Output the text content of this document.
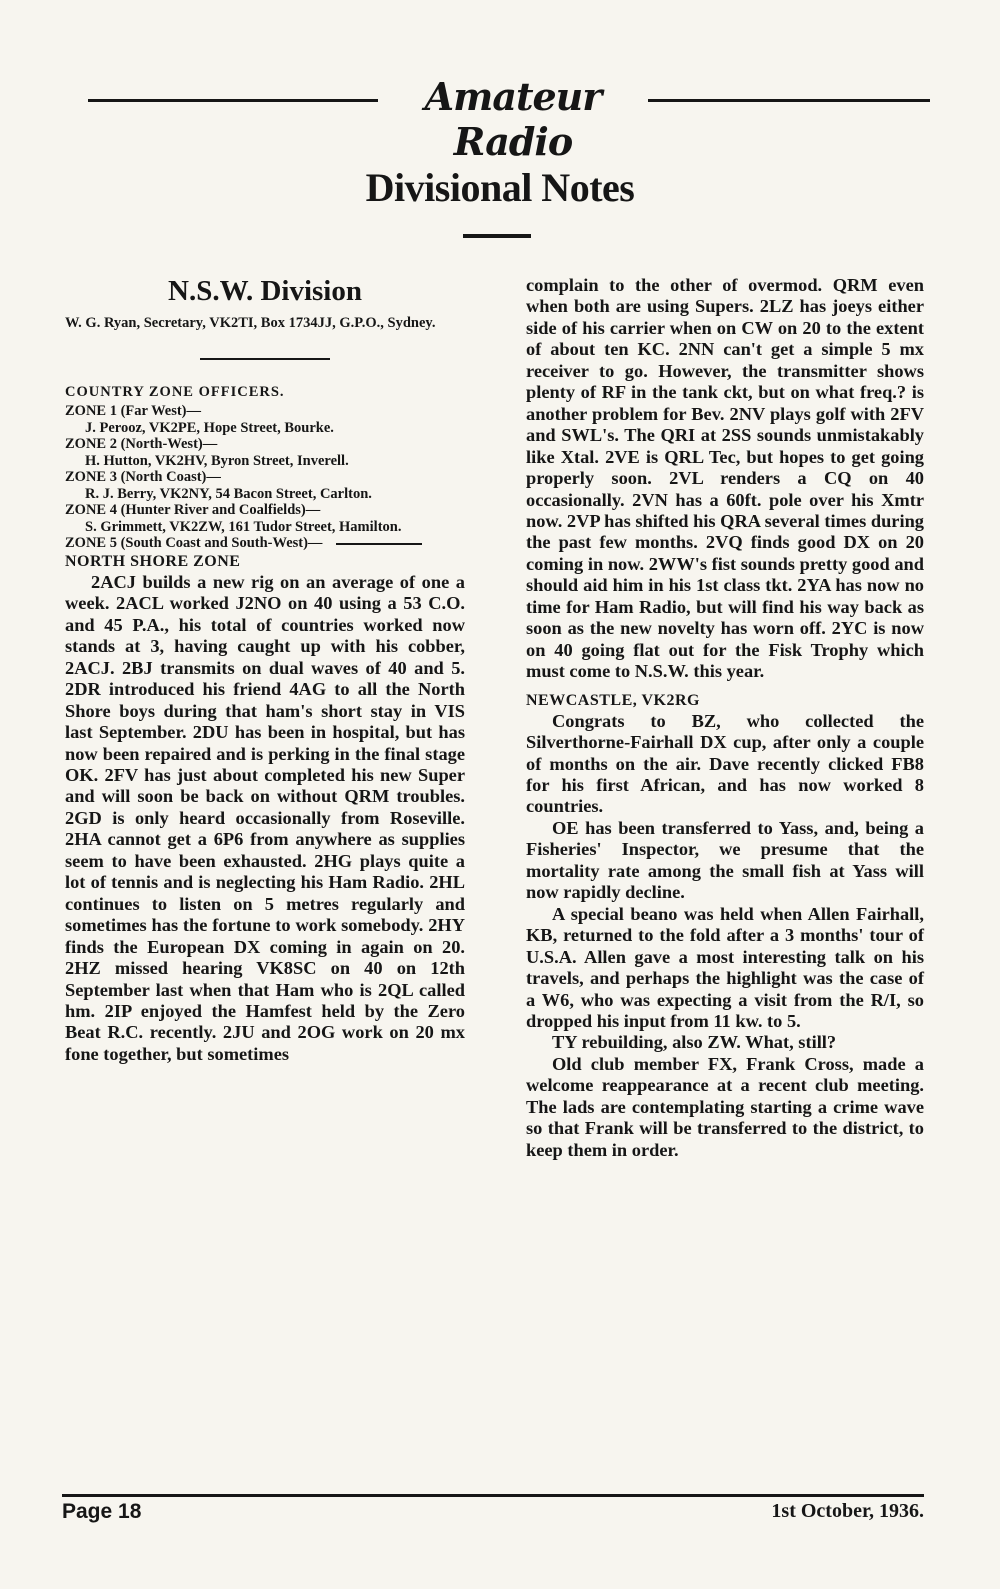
Amateur Radio
Divisional Notes
N.S.W. Division

W. G. Ryan, Secretary, VK2TI, Box 1734JJ, G.P.O., Sydney.

COUNTRY ZONE OFFICERS.

ZONE 1 (Far West)—
J. Perooz, VK2PE, Hope Street, Bourke.

ZONE 2 (North-West)—
H. Hutton, VK2HV, Byron Street, Inverell.

ZONE 3 (North Coast)—
R. J. Berry, VK2NY, 54 Bacon Street, Carlton.

ZONE 4 (Hunter River and Coalfields)—
S. Grimmett, VK2ZW, 161 Tudor Street, Hamilton.

ZONE 5 (South Coast and South-West)—

NORTH SHORE ZONE

2ACJ builds a new rig on an average of one a week. 2ACL worked J2NO on 40 using a 53 C.O. and 45 P.A., his total of countries worked now stands at 3, having caught up with his cobber, 2ACJ. 2BJ transmits on dual waves of 40 and 5. 2DR introduced his friend 4AG to all the North Shore boys during that ham's short stay in VIS last September. 2DU has been in hospital, but has now been repaired and is perking in the final stage OK. 2FV has just about completed his new Super and will soon be back on without QRM troubles. 2GD is only heard occasionally from Roseville. 2HA cannot get a 6P6 from anywhere as supplies seem to have been exhausted. 2HG plays quite a lot of tennis and is neglecting his Ham Radio. 2HL continues to listen on 5 metres regularly and sometimes has the fortune to work somebody. 2HY finds the European DX coming in again on 20. 2HZ missed hearing VK8SC on 40 on 12th September last when that Ham who is 2QL called hm. 2IP enjoyed the Hamfest held by the Zero Beat R.C. recently. 2JU and 2OG work on 20 mx fone together, but sometimes

complain to the other of overmod. QRM even when both are using Supers. 2LZ has joeys either side of his carrier when on CW on 20 to the extent of about ten KC. 2NN can't get a simple 5 mx receiver to go. However, the transmitter shows plenty of RF in the tank ckt, but on what freq.? is another problem for Bev. 2NV plays golf with 2FV and SWL's. The QRI at 2SS sounds unmistakably like Xtal. 2VE is QRL Tec, but hopes to get going properly soon. 2VL renders a CQ on 40 occasionally. 2VN has a 60ft. pole over his Xmtr now. 2VP has shifted his QRA several times during the past few months. 2VQ finds good DX on 20 coming in now. 2WW's fist sounds pretty good and should aid him in his 1st class tkt. 2YA has now no time for Ham Radio, but will find his way back as soon as the new novelty has worn off. 2YC is now on 40 going flat out for the Fisk Trophy which must come to N.S.W. this year.

NEWCASTLE, VK2RG

Congrats to BZ, who collected the Silverthorne-Fairhall DX cup, after only a couple of months on the air. Dave recently clicked FB8 for his first African, and has now worked 8 countries.

OE has been transferred to Yass, and, being a Fisheries' Inspector, we presume that the mortality rate among the small fish at Yass will now rapidly decline.

A special beano was held when Allen Fairhall, KB, returned to the fold after a 3 months' tour of U.S.A. Allen gave a most interesting talk on his travels, and perhaps the highlight was the case of a W6, who was expecting a visit from the R/I, so dropped his input from 11 kw. to 5.

TY rebuilding, also ZW. What, still?

Old club member FX, Frank Cross, made a welcome reappearance at a recent club meeting. The lads are contemplating starting a crime wave so that Frank will be transferred to the district, to keep them in order.

Page 18	1st October, 1936.
